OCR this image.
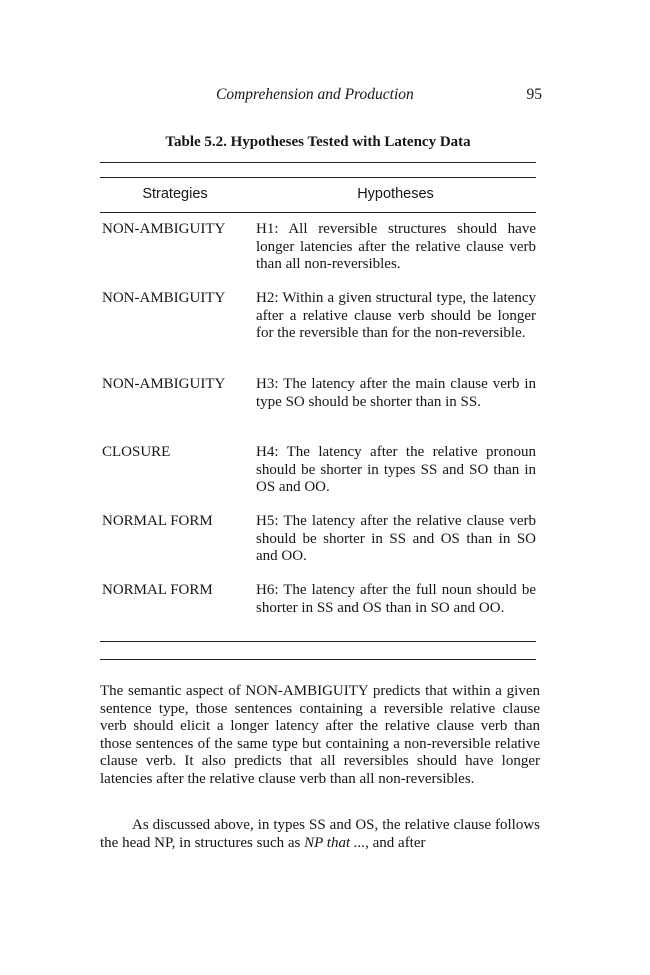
Comprehension and Production	95
Table 5.2. Hypotheses Tested with Latency Data
Strategies	Hypotheses
NON-AMBIGUITY H1: All reversible structures should have longer latencies after the relative clause verb than all non-reversibles.
NON-AMBIGUITY H2: Within a given structural type, the latency after a relative clause verb should be longer for the reversible than for the non-reversible.
NON-AMBIGUITY H3: The latency after the main clause verb in type SO should be shorter than in SS.
CLOSURE	H4: The latency after the relative pronoun should be shorter in types SS and SO than in OS and OO.
NORMAL FORM	H5: The latency after the relative clause verb should be shorter in SS and OS than in SO and OO.
NORMAL FORM	H6: The latency after the full noun should be shorter in SS and OS than in SO and OO.

The semantic aspect of NON-AMBIGUITY predicts that within a given sentence type, those sentences containing a reversible relative clause verb should elicit a longer latency after the relative clause verb than those sentences of the same type but containing a non-reversible relative clause verb. It also predicts that all reversibles should have longer latencies after the relative clause verb than all non-reversibles.

As discussed above, in types SS and OS, the relative clause follows the head NP, in structures such as NP that ..., and after
